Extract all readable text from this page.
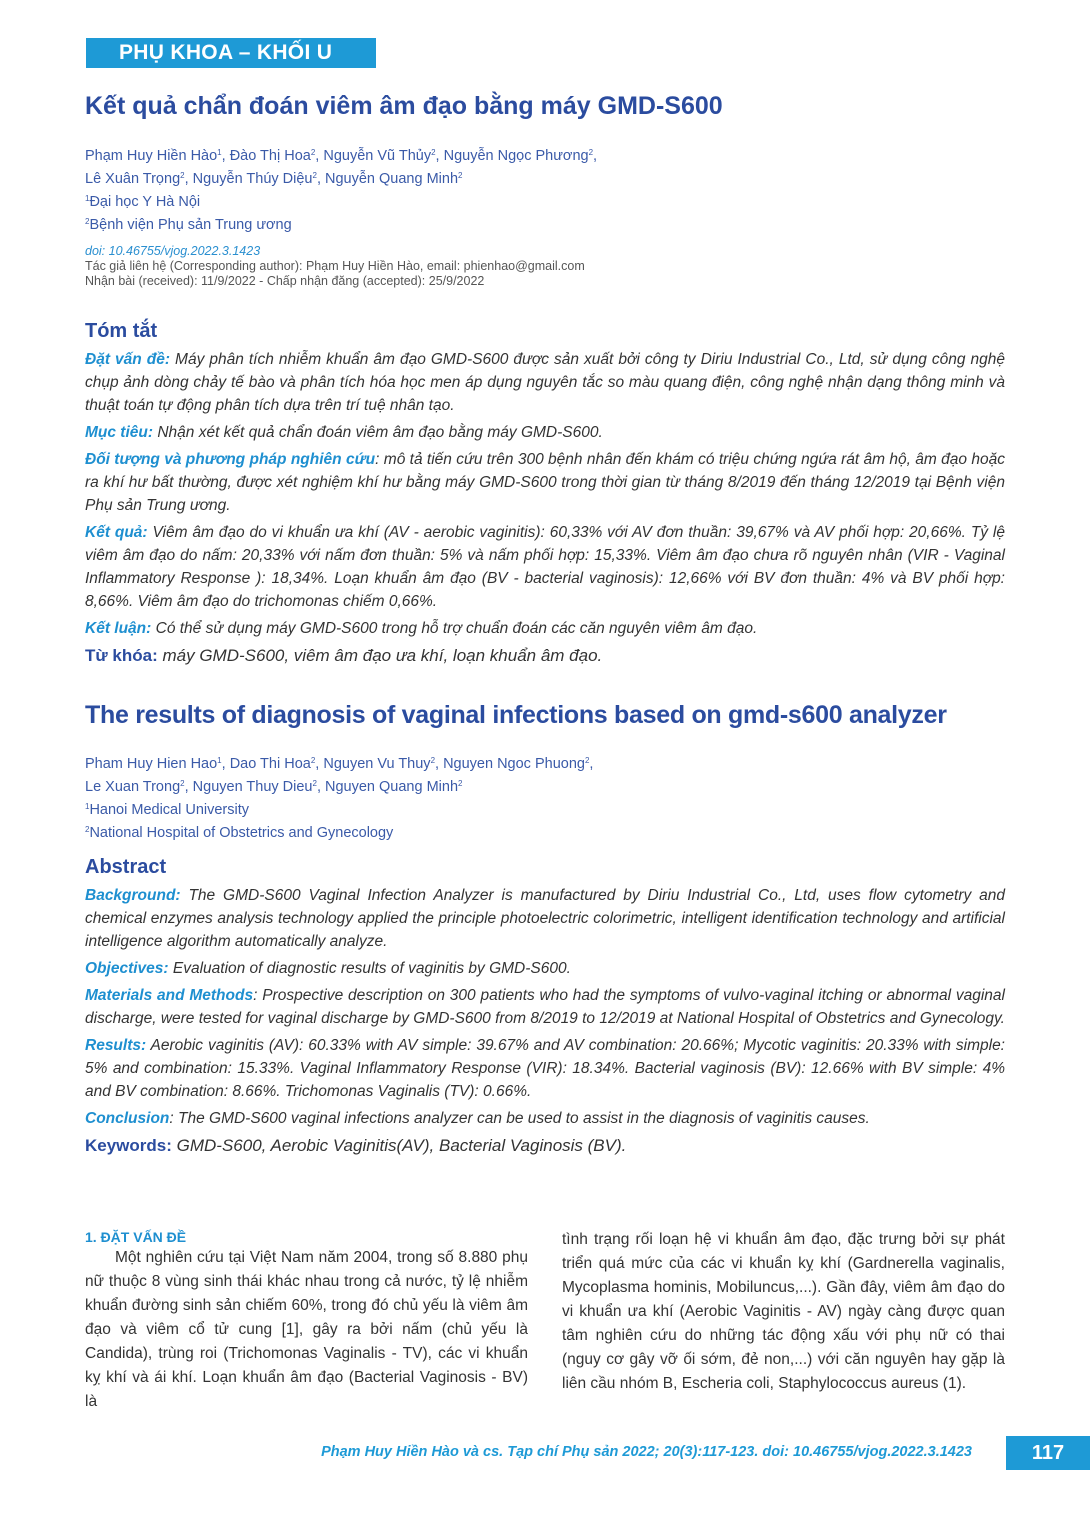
PHỤ KHOA – KHỐI U
Kết quả chẩn đoán viêm âm đạo bằng máy GMD-S600
Phạm Huy Hiền Hào$^1$, Đào Thị Hoa$^2$, Nguyễn Vũ Thủy$^2$, Nguyễn Ngọc Phương$^2$,
Lê Xuân Trọng$^2$, Nguyễn Thúy Diệu$^2$, Nguyễn Quang Minh$^2$
$^1$Đại học Y Hà Nội
$^2$Bệnh viện Phụ sản Trung ương
doi: 10.46755/vjog.2022.3.1423
Tác giả liên hệ (Corresponding author): Phạm Huy Hiền Hào, email: phienhao@gmail.com
Nhận bài (received): 11/9/2022 - Chấp nhận đăng (accepted): 25/9/2022
Tóm tắt

Đặt vấn đề: Máy phân tích nhiễm khuẩn âm đạo GMD-S600 được sản xuất bởi công ty Diriu Industrial Co., Ltd, sử dụng công nghệ chụp ảnh dòng chảy tế bào và phân tích hóa học men áp dụng nguyên tắc so màu quang điện, công nghệ nhận dạng thông minh và thuật toán tự động phân tích dựa trên trí tuệ nhân tạo.

Mục tiêu: Nhận xét kết quả chẩn đoán viêm âm đạo bằng máy GMD-S600.

Đối tượng và phương pháp nghiên cứu: mô tả tiến cứu trên 300 bệnh nhân đến khám có triệu chứng ngứa rát âm hộ, âm đạo hoặc ra khí hư bất thường, được xét nghiệm khí hư bằng máy GMD-S600 trong thời gian từ tháng 8/2019 đến tháng 12/2019 tại Bệnh viện Phụ sản Trung ương.

Kết quả: Viêm âm đạo do vi khuẩn ưa khí (AV - aerobic vaginitis): 60,33% với AV đơn thuần: 39,67% và AV phối hợp: 20,66%. Tỷ lệ viêm âm đạo do nấm: 20,33% với nấm đơn thuần: 5% và nấm phối hợp: 15,33%. Viêm âm đạo chưa rõ nguyên nhân (VIR - Vaginal Inflammatory Response ): 18,34%. Loạn khuẩn âm đạo (BV - bacterial vaginosis): 12,66% với BV đơn thuần: 4% và BV phối hợp: 8,66%. Viêm âm đạo do trichomonas chiếm 0,66%.

Kết luận: Có thể sử dụng máy GMD-S600 trong hỗ trợ chuẩn đoán các căn nguyên viêm âm đạo.

Từ khóa: máy GMD-S600, viêm âm đạo ưa khí, loạn khuẩn âm đạo.

The results of diagnosis of vaginal infections based on gmd-s600 analyzer
Pham Huy Hien Hao$^1$, Dao Thi Hoa$^2$, Nguyen Vu Thuy$^2$, Nguyen Ngoc Phuong$^2$,
Le Xuan Trong$^2$, Nguyen Thuy Dieu$^2$, Nguyen Quang Minh$^2$
$^1$Hanoi Medical University
$^2$National Hospital of Obstetrics and Gynecology
Abstract

Background: The GMD-S600 Vaginal Infection Analyzer is manufactured by Diriu Industrial Co., Ltd, uses flow cytometry and chemical enzymes analysis technology applied the principle photoelectric colorimetric, intelligent identification technology and artificial intelligence algorithm automatically analyze.

Objectives: Evaluation of diagnostic results of vaginitis by GMD-S600.

Materials and Methods: Prospective description on 300 patients who had the symptoms of vulvo-vaginal itching or abnormal vaginal discharge, were tested for vaginal discharge by GMD-S600 from 8/2019 to 12/2019 at National Hospital of Obstetrics and Gynecology.

Results: Aerobic vaginitis (AV): 60.33% with AV simple: 39.67% and AV combination: 20.66%; Mycotic vaginitis: 20.33% with simple: 5% and combination: 15.33%. Vaginal Inflammatory Response (VIR): 18.34%. Bacterial vaginosis (BV): 12.66% with BV simple: 4% and BV combination: 8.66%. Trichomonas Vaginalis (TV): 0.66%.

Conclusion: The GMD-S600 vaginal infections analyzer can be used to assist in the diagnosis of vaginitis causes.

Keywords: GMD-S600, Aerobic Vaginitis(AV), Bacterial Vaginosis (BV).

1. ĐẶT VẤN ĐỀ

Một nghiên cứu tại Việt Nam năm 2004, trong số 8.880 phụ nữ thuộc 8 vùng sinh thái khác nhau trong cả nước, tỷ lệ nhiễm khuẩn đường sinh sản chiếm 60%, trong đó chủ yếu là viêm âm đạo và viêm cổ tử cung [1], gây ra bởi nấm (chủ yếu là Candida), trùng roi (Trichomonas Vaginalis - TV), các vi khuẩn kỵ khí và ái khí. Loạn khuẩn âm đạo (Bacterial Vaginosis - BV) là

tình trạng rối loạn hệ vi khuẩn âm đạo, đặc trưng bởi sự phát triển quá mức của các vi khuẩn kỵ khí (Gardnerella vaginalis, Mycoplasma hominis, Mobiluncus,...). Gần đây, viêm âm đạo do vi khuẩn ưa khí (Aerobic Vaginitis - AV) ngày càng được quan tâm nghiên cứu do những tác động xấu với phụ nữ có thai (nguy cơ gây vỡ ối sớm, đẻ non,...) với căn nguyên hay gặp là liên cầu nhóm B, Escheria coli, Staphylococcus aureus (1).

Phạm Huy Hiền Hào và cs. Tạp chí Phụ sản 2022; 20(3):117-123. doi: 10.46755/vjog.2022.3.1423	117
